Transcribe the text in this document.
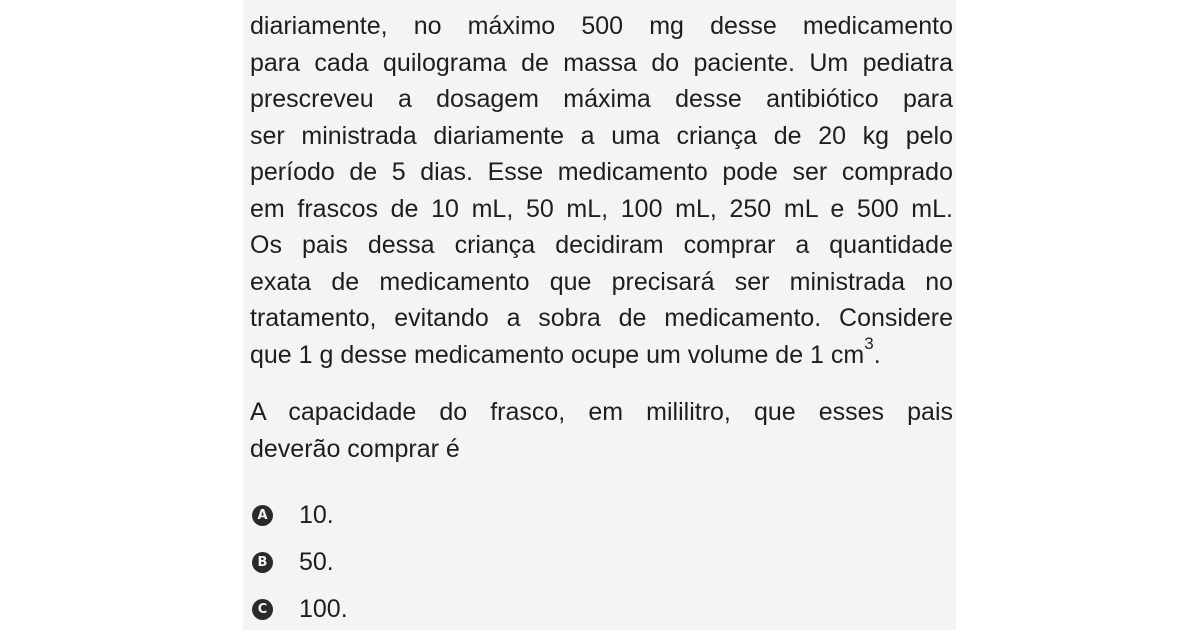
diariamente, no máximo 500 mg desse medicamento
para cada quilograma de massa do paciente. Um pediatra
prescreveu a dosagem máxima desse antibiótico para
ser ministrada diariamente a uma criança de 20 kg pelo
período de 5 dias. Esse medicamento pode ser comprado
em frascos de 10 mL, 50 mL, 100 mL, 250 mL e 500 mL.
Os pais dessa criança decidiram comprar a quantidade
exata de medicamento que precisará ser ministrada no
tratamento, evitando a sobra de medicamento. Considere
que 1 g desse medicamento ocupe um volume de 1 $cm^3$.
A capacidade do frasco, em mililitro, que esses pais
deverão comprar é
A 10.
B 50.
C 100.
